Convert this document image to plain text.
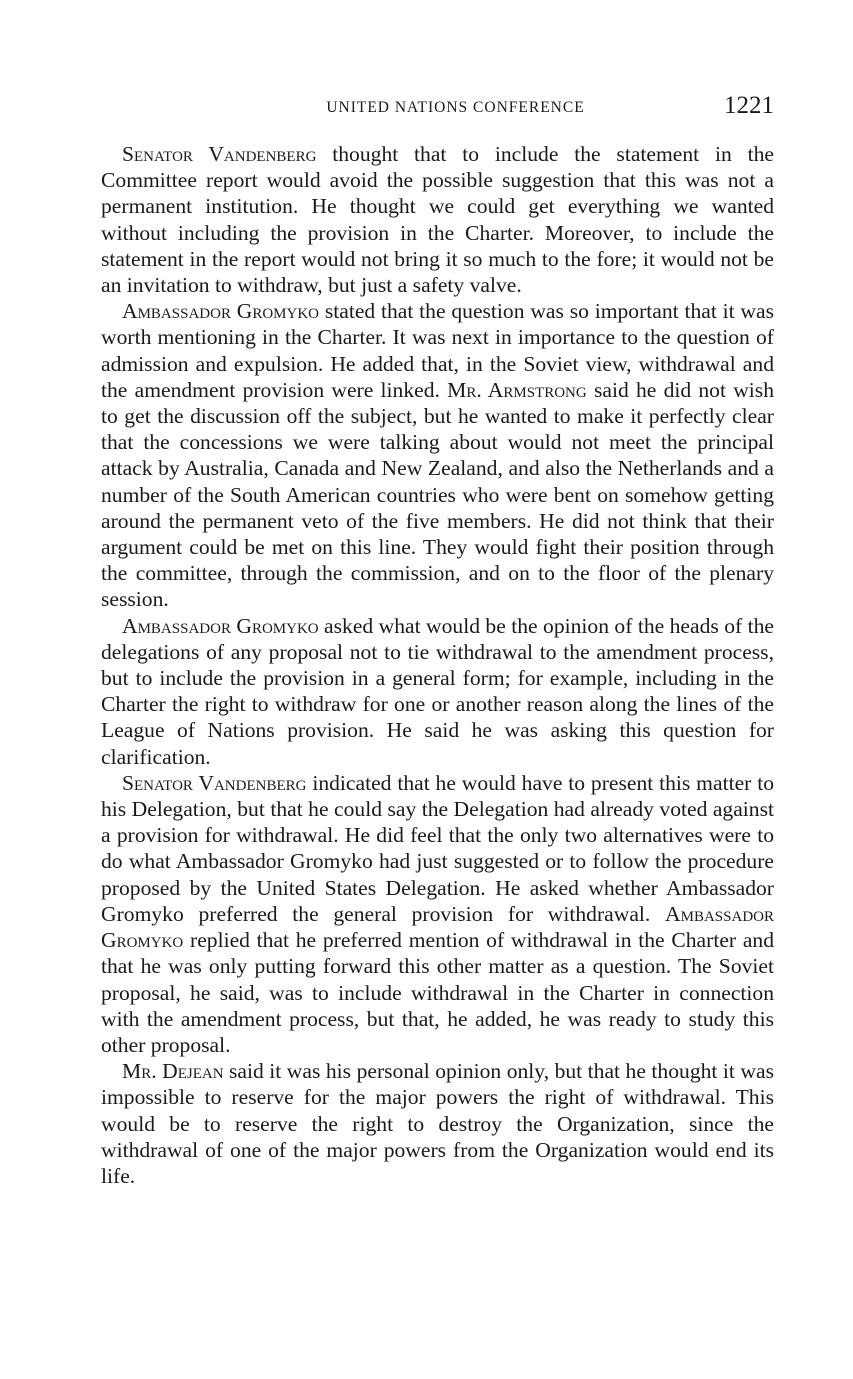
UNITED NATIONS CONFERENCE	1221

Senator Vandenberg thought that to include the statement in the Committee report would avoid the possible suggestion that this was not a permanent institution. He thought we could get everything we wanted without including the provision in the Charter. Moreover, to include the statement in the report would not bring it so much to the fore; it would not be an invitation to withdraw, but just a safety valve.

Ambassador Gromyko stated that the question was so important that it was worth mentioning in the Charter. It was next in importance to the question of admission and expulsion. He added that, in the Soviet view, withdrawal and the amendment provision were linked. Mr. Armstrong said he did not wish to get the discussion off the subject, but he wanted to make it perfectly clear that the concessions we were talking about would not meet the principal attack by Australia, Canada and New Zealand, and also the Netherlands and a number of the South American countries who were bent on somehow getting around the permanent veto of the five members. He did not think that their argument could be met on this line. They would fight their position through the committee, through the commission, and on to the floor of the plenary session.

Ambassador Gromyko asked what would be the opinion of the heads of the delegations of any proposal not to tie withdrawal to the amendment process, but to include the provision in a general form; for example, including in the Charter the right to withdraw for one or another reason along the lines of the League of Nations provision. He said he was asking this question for clarification.

Senator Vandenberg indicated that he would have to present this matter to his Delegation, but that he could say the Delegation had already voted against a provision for withdrawal. He did feel that the only two alternatives were to do what Ambassador Gromyko had just suggested or to follow the procedure proposed by the United States Delegation. He asked whether Ambassador Gromyko preferred the general provision for withdrawal. Ambassador Gromyko replied that he preferred mention of withdrawal in the Charter and that he was only putting forward this other matter as a question. The Soviet proposal, he said, was to include withdrawal in the Charter in connection with the amendment process, but that, he added, he was ready to study this other proposal.

Mr. Dejean said it was his personal opinion only, but that he thought it was impossible to reserve for the major powers the right of withdrawal. This would be to reserve the right to destroy the Organization, since the withdrawal of one of the major powers from the Organization would end its life.
